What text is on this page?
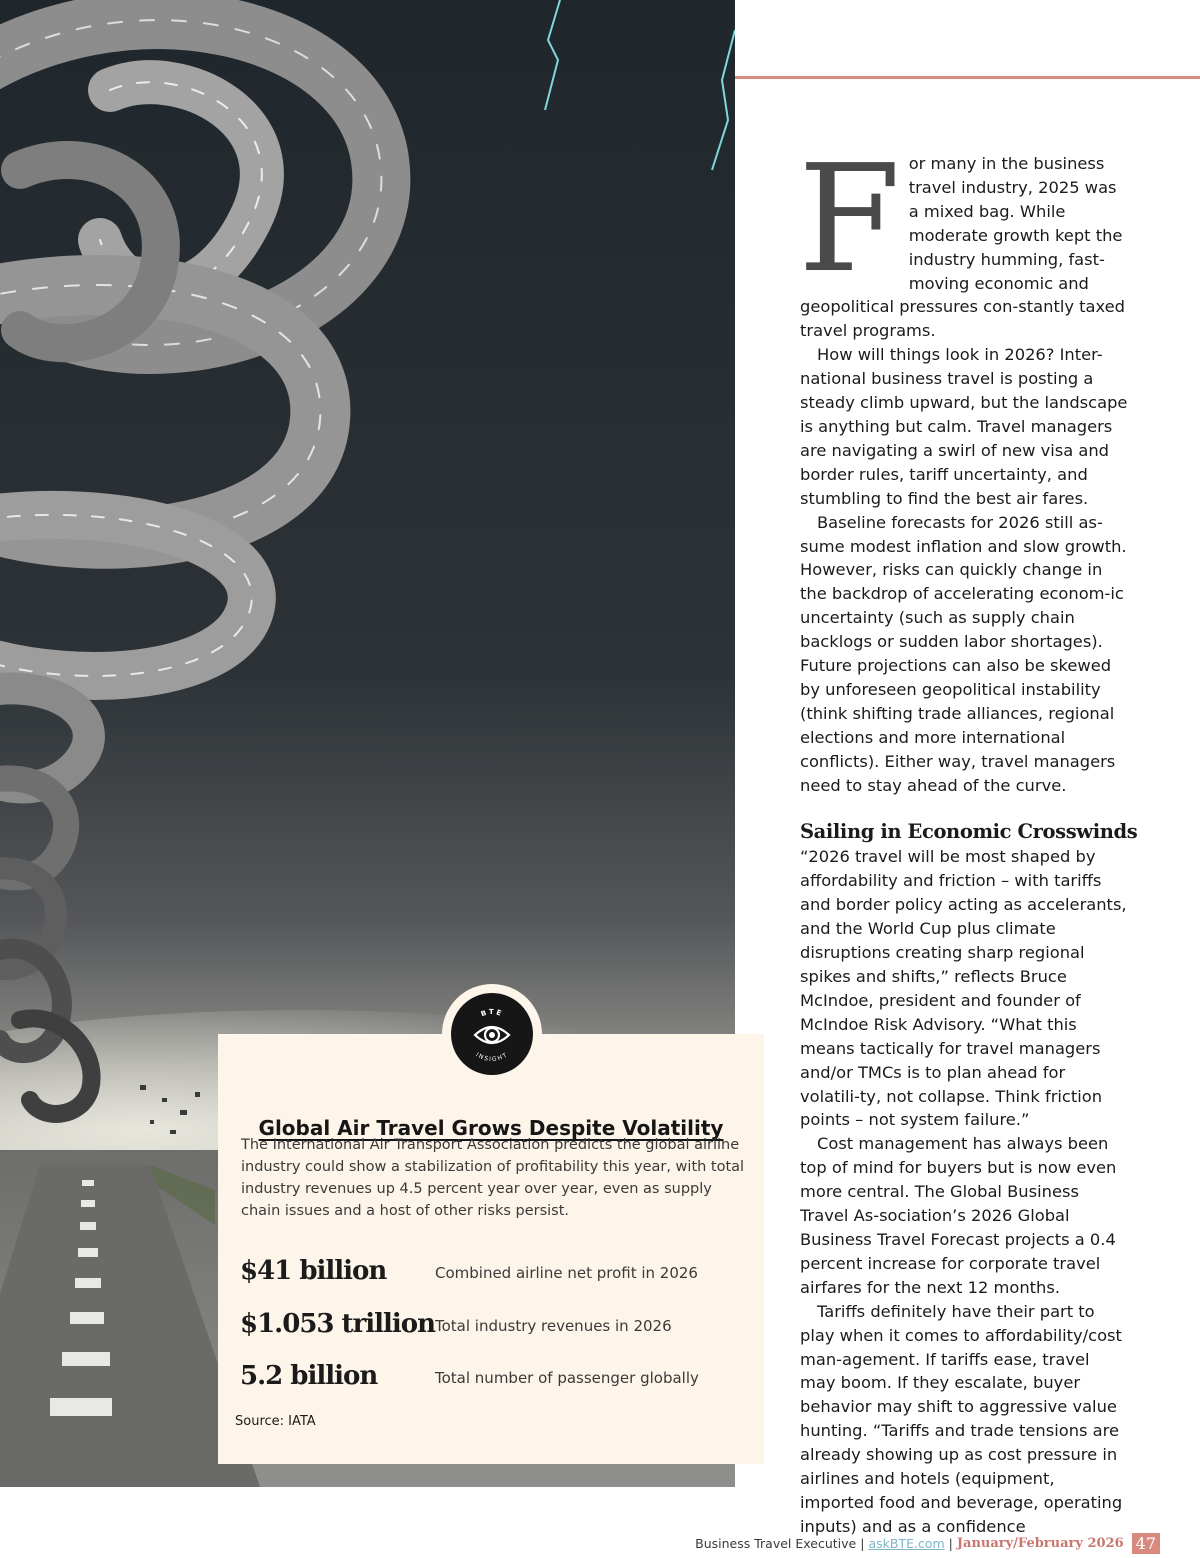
For many in the business travel industry, 2025 was a mixed bag. While moderate growth kept the industry humming, fast-moving economic and geopolitical pressures con-stantly taxed travel programs.

How will things look in 2026? Inter-national business travel is posting a steady climb upward, but the landscape is anything but calm. Travel managers are navigating a swirl of new visa and border rules, tariff uncertainty, and stumbling to find the best air fares.

Baseline forecasts for 2026 still as-sume modest inflation and slow growth. However, risks can quickly change in the backdrop of accelerating econom-ic uncertainty (such as supply chain backlogs or sudden labor shortages). Future projections can also be skewed by unforeseen geopolitical instability (think shifting trade alliances, regional elections and more international conflicts). Either way, travel managers need to stay ahead of the curve.

Sailing in Economic Crosswinds

“2026 travel will be most shaped by affordability and friction – with tariffs and border policy acting as accelerants, and the World Cup plus climate disruptions creating sharp regional spikes and shifts,” reflects Bruce McIndoe, president and founder of McIndoe Risk Advisory. “What this means tactically for travel managers and/or TMCs is to plan ahead for volatili-ty, not collapse. Think friction points – not system failure.”

Cost management has always been top of mind for buyers but is now even more central. The Global Business Travel As-sociation’s 2026 Global Business Travel Forecast projects a 0.4 percent increase for corporate travel airfares for the next 12 months.

Tariffs definitely have their part to play when it comes to affordability/cost man-agement. If tariffs ease, travel may boom. If they escalate, buyer behavior may shift to aggressive value hunting. “Tariffs and trade tensions are already showing up as cost pressure in airlines and hotels (equipment, imported food and beverage, operating inputs) and as a confidence

Global Air Travel Grows Despite Volatility

The International Air Transport Association predicts the global airline industry could show a stabilization of profitability this year, with total industry revenues up 4.5 percent year over year, even as supply chain issues and a host of other risks persist.

$41 billion	Combined airline net profit in 2026
$1.053 trillion Total industry revenues in 2026
5.2 billion	Total number of passenger globally
Source: IATA
BTE
INSIGHT
Business Travel Executive | askBTE.com | January/February 2026 47
